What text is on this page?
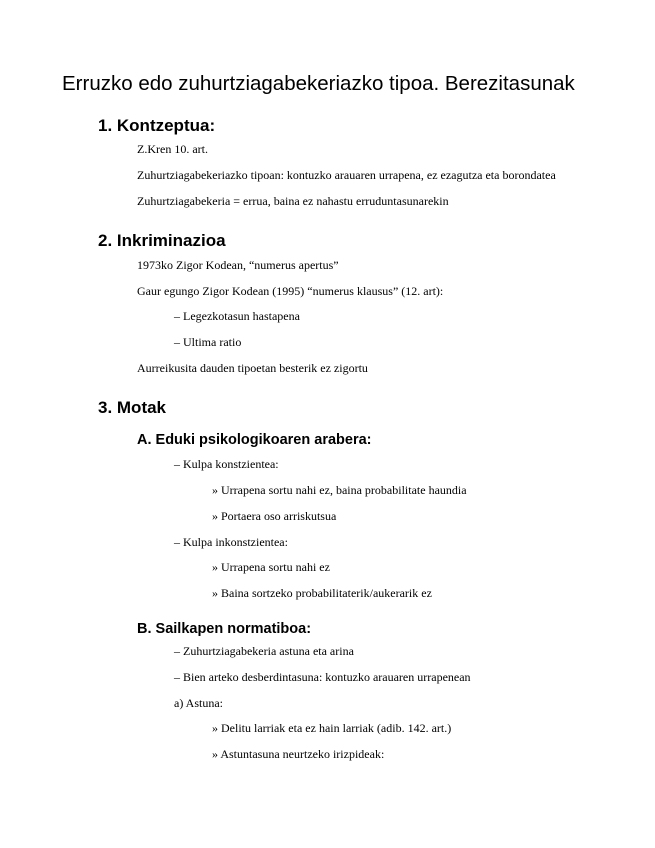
Erruzko edo zuhurtziagabekeriazko tipoa. Berezitasunak
1. Kontzeptua:
Z.Kren 10. art.
Zuhurtziagabekeriazko tipoan: kontuzko arauaren urrapena, ez ezagutza eta borondatea
Zuhurtziagabekeria = errua, baina ez nahastu erruduntasunarekin
2. Inkriminazioa
1973ko Zigor Kodean, “numerus apertus”
Gaur egungo Zigor Kodean (1995) “numerus klausus” (12. art):
– Legezkotasun hastapena
– Ultima ratio
Aurreikusita dauden tipoetan besterik ez zigortu
3. Motak
A. Eduki psikologikoaren arabera:
– Kulpa konstzientea:
» Urrapena sortu nahi ez, baina probabilitate haundia
» Portaera oso arriskutsua
– Kulpa inkonstzientea:
» Urrapena sortu nahi ez
» Baina sortzeko probabilitaterik/aukerarik ez
B. Sailkapen normatiboa:
– Zuhurtziagabekeria astuna eta arina
– Bien arteko desberdintasuna: kontuzko arauaren urrapenean
a) Astuna:
» Delitu larriak eta ez hain larriak (adib. 142. art.)
» Astuntasuna neurtzeko irizpideak:
